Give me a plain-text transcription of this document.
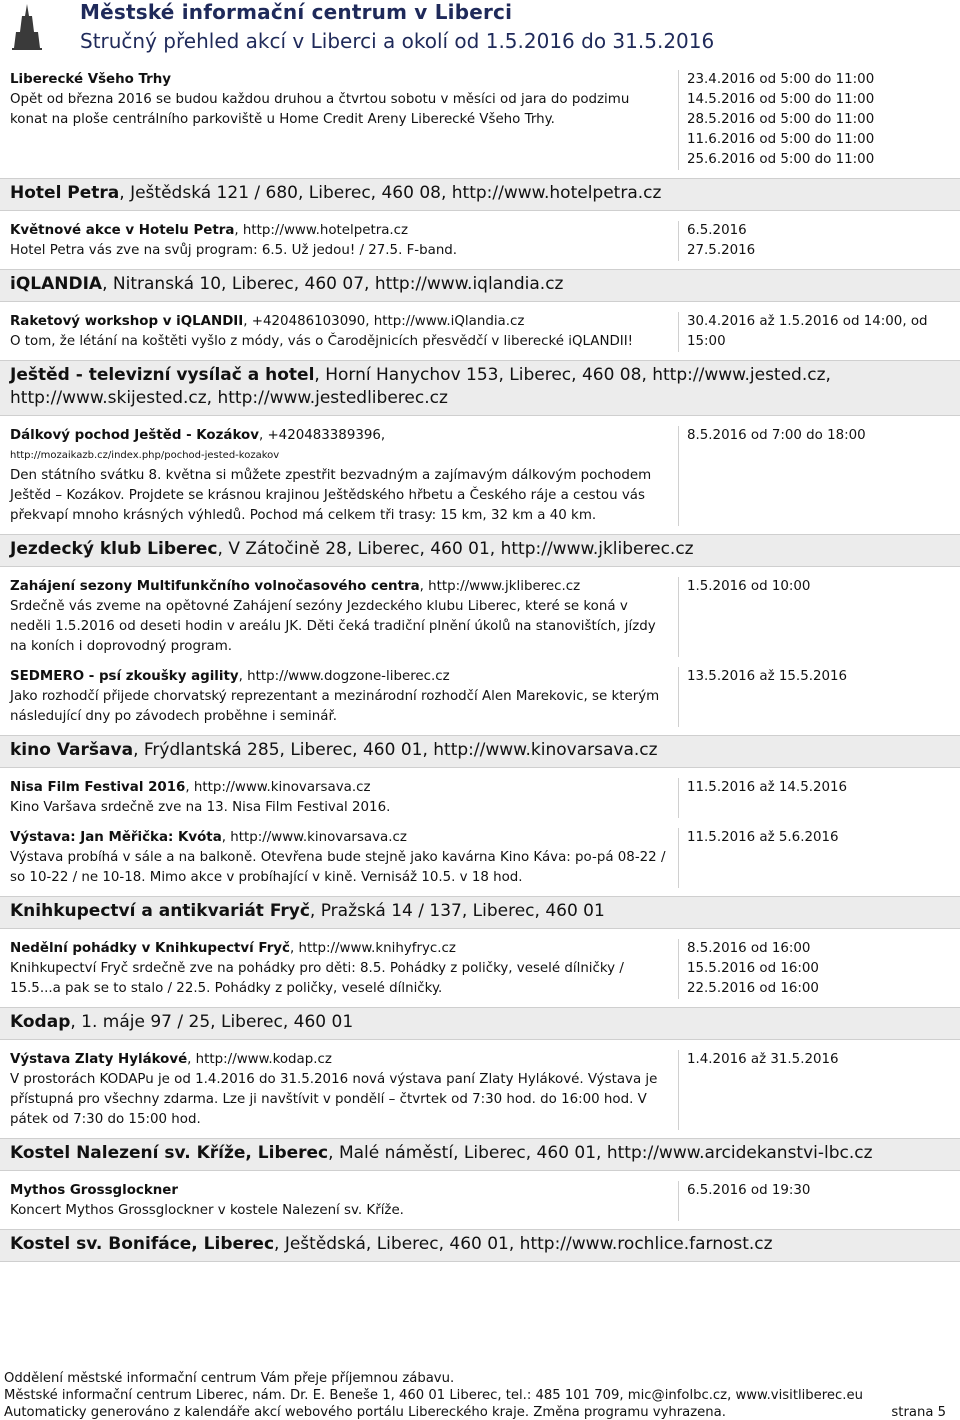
Městské informační centrum v Liberci
Stručný přehled akcí v Liberci a okolí od 1.5.2016 do 31.5.2016
Liberecké Všeho Trhy
Opět od března 2016 se budou každou druhou a čtvrtou sobotu v měsíci od jara do podzimu konat na ploše centrálního parkoviště u Home Credit Areny Liberecké Všeho Trhy.
23.4.2016 od 5:00 do 11:00
14.5.2016 od 5:00 do 11:00
28.5.2016 od 5:00 do 11:00
11.6.2016 od 5:00 do 11:00
25.6.2016 od 5:00 do 11:00
Hotel Petra, Ještědská 121 / 680, Liberec, 460 08, http://www.hotelpetra.cz
Květnové akce v Hotelu Petra, http://www.hotelpetra.cz
Hotel Petra vás zve na svůj program: 6.5. Už jedou! / 27.5. F-band.
6.5.2016
27.5.2016
iQLANDIA, Nitranská 10, Liberec, 460 07, http://www.iqlandia.cz
Raketový workshop v iQLANDII, +420486103090, http://www.iQlandia.cz
O tom, že létání na koštěti vyšlo z módy, vás o Čarodějnicích přesvědčí v liberecké iQLANDII!
30.4.2016 až 1.5.2016 od 14:00, od 15:00
Ještěd - televizní vysílač a hotel, Horní Hanychov 153, Liberec, 460 08, http://www.jested.cz, http://www.skijested.cz, http://www.jestedliberec.cz
Dálkový pochod Ještěd - Kozákov, +420483389396,
http://mozaikazb.cz/index.php/pochod-jested-kozakov
Den státního svátku 8. května si můžete zpestřit bezvadným a zajímavým dálkovým pochodem Ještěd – Kozákov. Projdete se krásnou krajinou Ještědského hřbetu a Českého ráje a cestou vás překvapí mnoho krásných výhledů. Pochod má celkem tři trasy: 15 km, 32 km a 40 km.
8.5.2016 od 7:00 do 18:00
Jezdecký klub Liberec, V Zátočině 28, Liberec, 460 01, http://www.jkliberec.cz
Zahájení sezony Multifunkčního volnočasového centra, http://www.jkliberec.cz
Srdečně vás zveme na opětovné Zahájení sezóny Jezdeckého klubu Liberec, které se koná v neděli 1.5.2016 od deseti hodin v areálu JK. Děti čeká tradiční plnění úkolů na stanovištích, jízdy na koních i doprovodný program.
1.5.2016 od 10:00
SEDMERO - psí zkoušky agility, http://www.dogzone-liberec.cz
Jako rozhodčí přijede chorvatský reprezentant a mezinárodní rozhodčí Alen Marekovic, se kterým následující dny po závodech proběhne i seminář.
13.5.2016 až 15.5.2016
kino Varšava, Frýdlantská 285, Liberec, 460 01, http://www.kinovarsava.cz
Nisa Film Festival 2016, http://www.kinovarsava.cz
Kino Varšava srdečně zve na 13. Nisa Film Festival 2016.
11.5.2016 až 14.5.2016
Výstava: Jan Měřička: Kvóta, http://www.kinovarsava.cz
Výstava probíhá v sále a na balkoně. Otevřena bude stejně jako kavárna Kino Káva: po-pá 08-22 / so 10-22 / ne 10-18. Mimo akce v probíhající v kině. Vernisáž 10.5. v 18 hod.
11.5.2016 až 5.6.2016
Knihkupectví a antikvariát Fryč, Pražská 14 / 137, Liberec, 460 01
Nedělní pohádky v Knihkupectví Fryč, http://www.knihyfryc.cz
Knihkupectví Fryč srdečně zve na pohádky pro děti: 8.5. Pohádky z poličky, veselé dílničky / 15.5...a pak se to stalo / 22.5. Pohádky z poličky, veselé dílničky.
8.5.2016 od 16:00
15.5.2016 od 16:00
22.5.2016 od 16:00
Kodap, 1. máje 97 / 25, Liberec, 460 01
Výstava Zlaty Hylákové, http://www.kodap.cz
V prostorách KODAPu je od 1.4.2016 do 31.5.2016 nová výstava paní Zlaty Hylákové. Výstava je přístupná pro všechny zdarma. Lze ji navštívit v pondělí – čtvrtek od 7:30 hod. do 16:00 hod. V pátek od 7:30 do 15:00 hod.
1.4.2016 až 31.5.2016
Kostel Nalezení sv. Kříže, Liberec, Malé náměstí, Liberec, 460 01, http://www.arcidekanstvi-lbc.cz
Mythos Grossglockner
Koncert Mythos Grossglockner v kostele Nalezení sv. Kříže.
6.5.2016 od 19:30
Kostel sv. Bonifáce, Liberec, Ještědská, Liberec, 460 01, http://www.rochlice.farnost.cz
Oddělení městské informační centrum Vám přeje příjemnou zábavu.
Městské informační centrum Liberec, nám. Dr. E. Beneše 1, 460 01 Liberec, tel.: 485 101 709, mic@infolbc.cz, www.visitliberec.eu
Automaticky generováno z kalendáře akcí webového portálu Libereckého kraje. Změna programu vyhrazena.	strana 5
